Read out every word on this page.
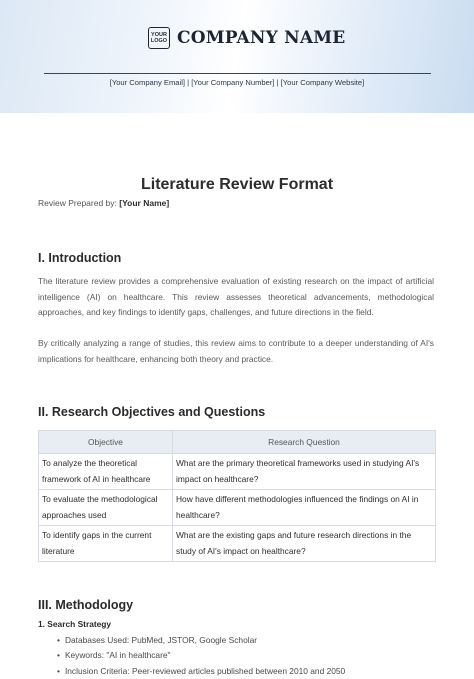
YOUR LOGO COMPANY NAME
[Your Company Email] | [Your Company Number] | [Your Company Website]
Literature Review Format
Review Prepared by: [Your Name]
I. Introduction

The literature review provides a comprehensive evaluation of existing research on the impact of artificial intelligence (AI) on healthcare. This review assesses theoretical advancements, methodological approaches, and key findings to identify gaps, challenges, and future directions in the field.

By critically analyzing a range of studies, this review aims to contribute to a deeper understanding of AI's implications for healthcare, enhancing both theory and practice.

II. Research Objectives and Questions
Objective	Research Question
To analyze the theoretical framework of AI in healthcare	What are the primary theoretical frameworks used in studying AI's impact on healthcare?
To evaluate the methodological approaches used	How have different methodologies influenced the findings on AI in healthcare?
To identify gaps in the current literature	What are the existing gaps and future research directions in the study of AI's impact on healthcare?
III. Methodology
1. Search Strategy
• Databases Used: PubMed, JSTOR, Google Scholar
• Keywords: "AI in healthcare"
• Inclusion Criteria: Peer-reviewed articles published between 2010 and 2050
